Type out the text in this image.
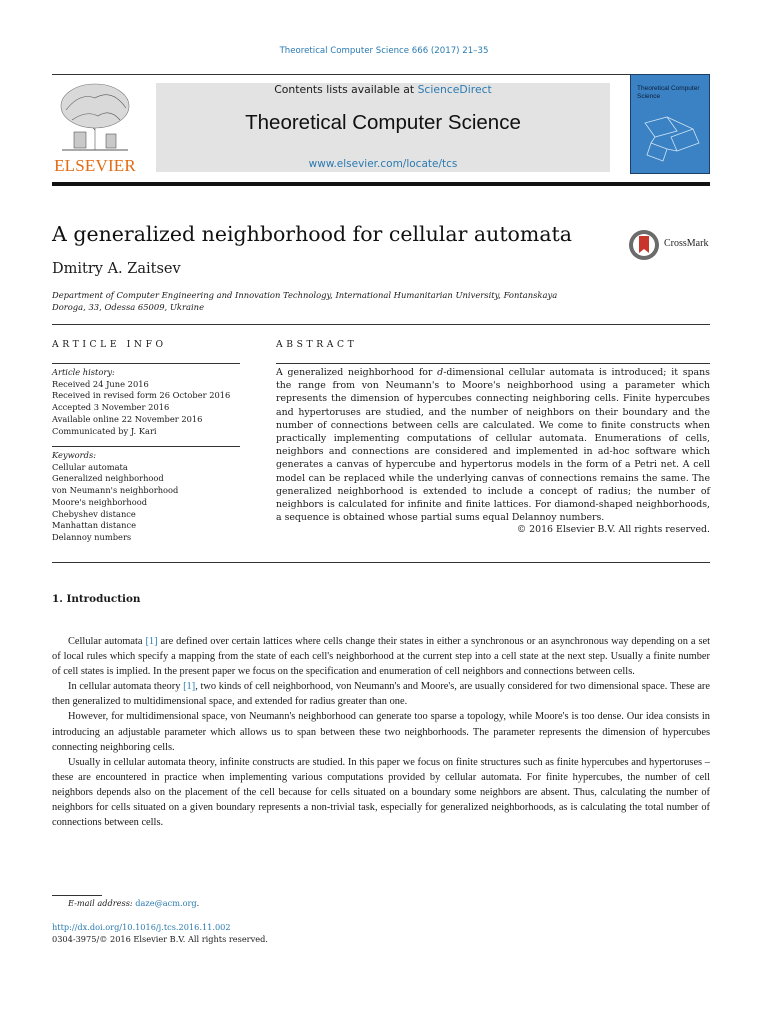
Theoretical Computer Science 666 (2017) 21–35
ELSEVIER
Contents lists available at ScienceDirect
Theoretical Computer Science
www.elsevier.com/locate/tcs
Theoretical Computer Science
A generalized neighborhood for cellular automata	CrossMark
Dmitry A. Zaitsev
Department of Computer Engineering and Innovation Technology, International Humanitarian University, Fontanskaya Doroga, 33, Odessa 65009, Ukraine
ARTICLE INFO
Article history:
Received 24 June 2016
Received in revised form 26 October 2016
Accepted 3 November 2016
Available online 22 November 2016
Communicated by J. Kari
Keywords:
Cellular automata
Generalized neighborhood
von Neumann's neighborhood
Moore's neighborhood
Chebyshev distance
Manhattan distance
Delannoy numbers
ABSTRACT
A generalized neighborhood for d-dimensional cellular automata is introduced; it spans the range from von Neumann's to Moore's neighborhood using a parameter which represents the dimension of hypercubes connecting neighboring cells. Finite hypercubes and hypertoruses are studied, and the number of neighbors on their boundary and the number of connections between cells are calculated. We come to finite constructs when practically implementing computations of cellular automata. Enumerations of cells, neighbors and connections are considered and implemented in ad-hoc software which generates a canvas of hypercube and hypertorus models in the form of a Petri net. A cell model can be replaced while the underlying canvas of connections remains the same. The generalized neighborhood is extended to include a concept of radius; the number of neighbors is calculated for infinite and finite lattices. For diamond-shaped neighborhoods, a sequence is obtained whose partial sums equal Delannoy numbers.
© 2016 Elsevier B.V. All rights reserved.
1. Introduction

Cellular automata [1] are defined over certain lattices where cells change their states in either a synchronous or an asynchronous way depending on a set of local rules which specify a mapping from the state of each cell's neighborhood at the current step into a cell state at the next step. Usually a finite number of cell states is implied. In the present paper we focus on the specification and enumeration of cell neighbors and connections between cells.

In cellular automata theory [1], two kinds of cell neighborhood, von Neumann's and Moore's, are usually considered for two dimensional space. These are then generalized to multidimensional space, and extended for radius greater than one.

However, for multidimensional space, von Neumann's neighborhood can generate too sparse a topology, while Moore's is too dense. Our idea consists in introducing an adjustable parameter which allows us to span between these two neighborhoods. The parameter represents the dimension of hypercubes connecting neighboring cells.

Usually in cellular automata theory, infinite constructs are studied. In this paper we focus on finite structures such as finite hypercubes and hypertoruses – these are encountered in practice when implementing various computations provided by cellular automata. For finite hypercubes, the number of cell neighbors depends also on the placement of the cell because for cells situated on a boundary some neighbors are absent. Thus, calculating the number of neighbors for cells situated on a given boundary represents a non-trivial task, especially for generalized neighborhoods, as is calculating the total number of connections between cells.

E-mail address: daze@acm.org.
http://dx.doi.org/10.1016/j.tcs.2016.11.002
0304-3975/© 2016 Elsevier B.V. All rights reserved.
